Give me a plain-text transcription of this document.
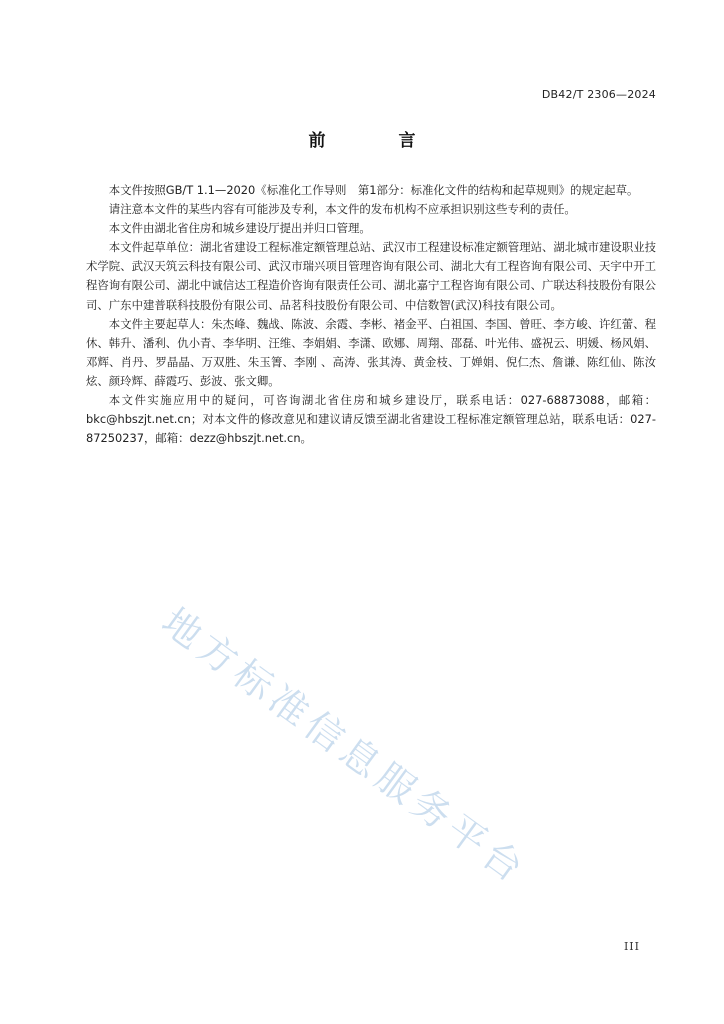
DB42/T 2306—2024
前　言

本文件按照GB/T 1.1—2020《标准化工作导则　第1部分：标准化文件的结构和起草规则》的规定起草。

请注意本文件的某些内容有可能涉及专利，本文件的发布机构不应承担识别这些专利的责任。

本文件由湖北省住房和城乡建设厅提出并归口管理。

本文件起草单位：湖北省建设工程标准定额管理总站、武汉市工程建设标准定额管理站、湖北城市建设职业技术学院、武汉天筑云科技有限公司、武汉市瑞兴项目管理咨询有限公司、湖北大有工程咨询有限公司、天宇中开工程咨询有限公司、湖北中诚信达工程造价咨询有限责任公司、湖北嘉宁工程咨询有限公司、广联达科技股份有限公司、广东中建普联科技股份有限公司、品茗科技股份有限公司、中信数智(武汉)科技有限公司。

本文件主要起草人：朱杰峰、魏战、陈波、余霞、李彬、褚金平、白祖国、李国、曾旺、李方峻、许红蕾、程休、韩升、潘利、仇小青、李华明、汪维、李娟娟、李潇、欧娜、周翔、邵磊、叶光伟、盛祝云、明媛、杨风娟、邓辉、肖丹、罗晶晶、万双胜、朱玉箐、李刚 、高涛、张其涛、黄金枝、丁婵娟、倪仁杰、詹谦、陈红仙、陈汝炫、颜玲辉、薛霞巧、彭波、张文卿。

本文件实施应用中的疑问，可咨询湖北省住房和城乡建设厅，联系电话：027-68873088，邮箱：bkc@hbszjt.net.cn；对本文件的修改意见和建议请反馈至湖北省建设工程标准定额管理总站，联系电话：027-87250237，邮箱：dezz@hbszjt.net.cn。

地方标准信息服务平台
III
